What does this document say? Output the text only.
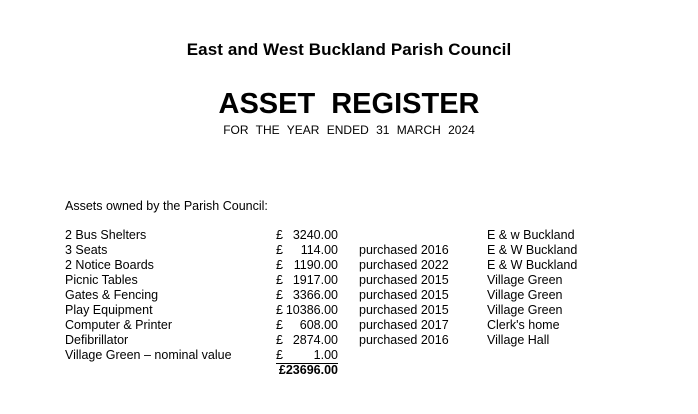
East and West Buckland Parish Council
ASSET REGISTER
FOR THE YEAR ENDED 31 MARCH 2024
Assets owned by the Parish Council:
2 Bus Shelters	£ 3240.00	E & w Buckland
3 Seats	£	114.00 purchased 2016	E & W Buckland
2 Notice Boards	£ 1190.00 purchased 2022	E & W Buckland
Picnic Tables	£ 1917.00 purchased 2015	Village Green
Gates & Fencing	£ 3366.00 purchased 2015	Village Green
Play Equipment	£ 10386.00 purchased 2015	Village Green
Computer & Printer	£	608.00 purchased 2017	Clerk's home
Defibrillator	£ 2874.00 purchased 2016	Village Hall
Village Green – nominal value	£	1.00
£23696.00
